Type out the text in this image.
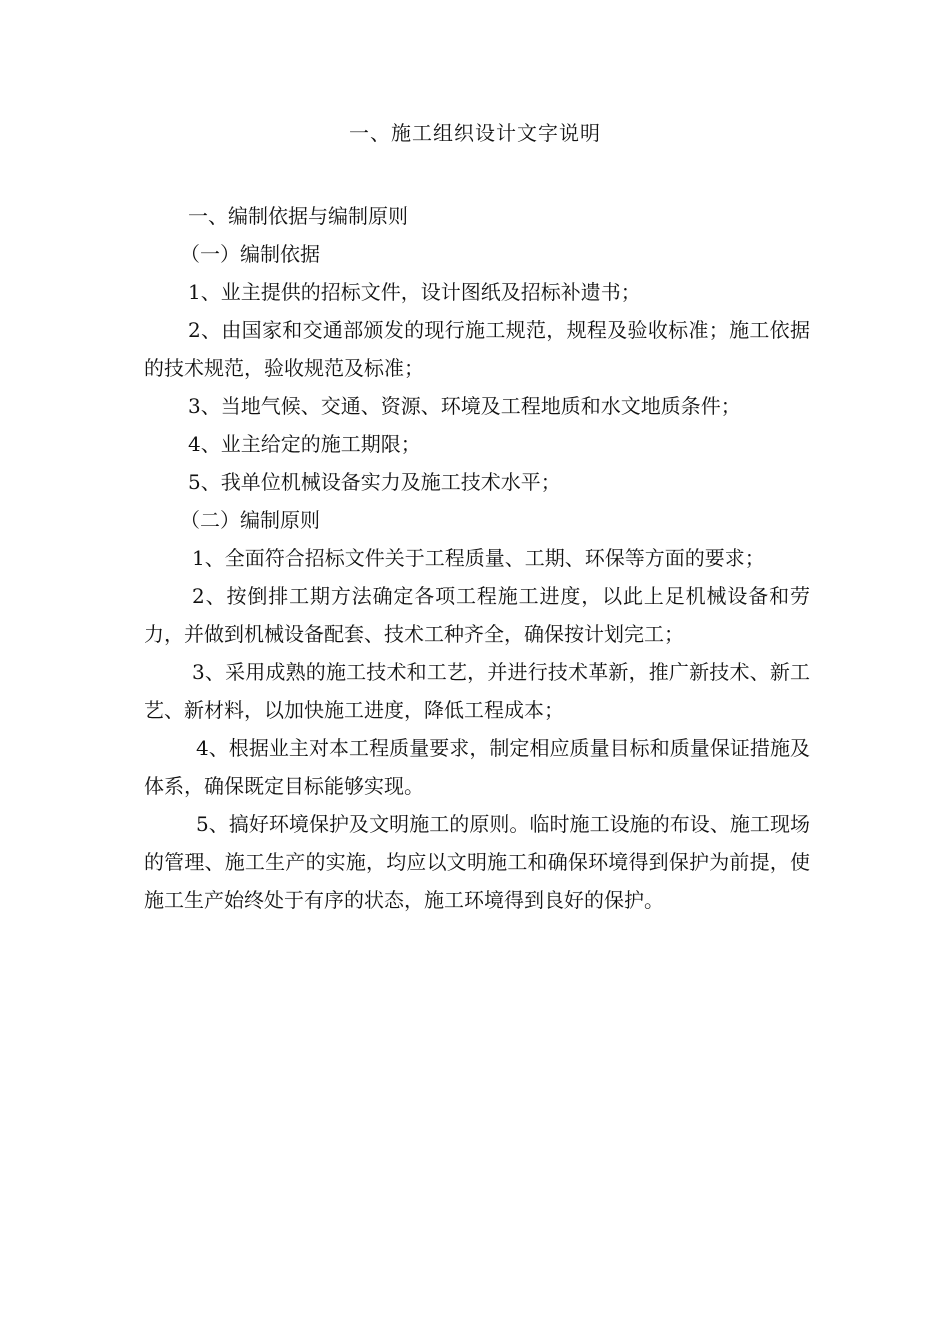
一、施工组织设计文字说明

一、编制依据与编制原则

（一）编制依据

1、业主提供的招标文件，设计图纸及招标补遗书；

2、由国家和交通部颁发的现行施工规范，规程及验收标准；施工依据的技术规范，验收规范及标准；

3、当地气候、交通、资源、环境及工程地质和水文地质条件；

4、业主给定的施工期限；

5、我单位机械设备实力及施工技术水平；

（二）编制原则

1、全面符合招标文件关于工程质量、工期、环保等方面的要求；

2、按倒排工期方法确定各项工程施工进度，以此上足机械设备和劳力，并做到机械设备配套、技术工种齐全，确保按计划完工；

3、采用成熟的施工技术和工艺，并进行技术革新，推广新技术、新工艺、新材料，以加快施工进度，降低工程成本；

4、根据业主对本工程质量要求，制定相应质量目标和质量保证措施及体系，确保既定目标能够实现。

5、搞好环境保护及文明施工的原则。临时施工设施的布设、施工现场的管理、施工生产的实施，均应以文明施工和确保环境得到保护为前提，使施工生产始终处于有序的状态，施工环境得到良好的保护。
